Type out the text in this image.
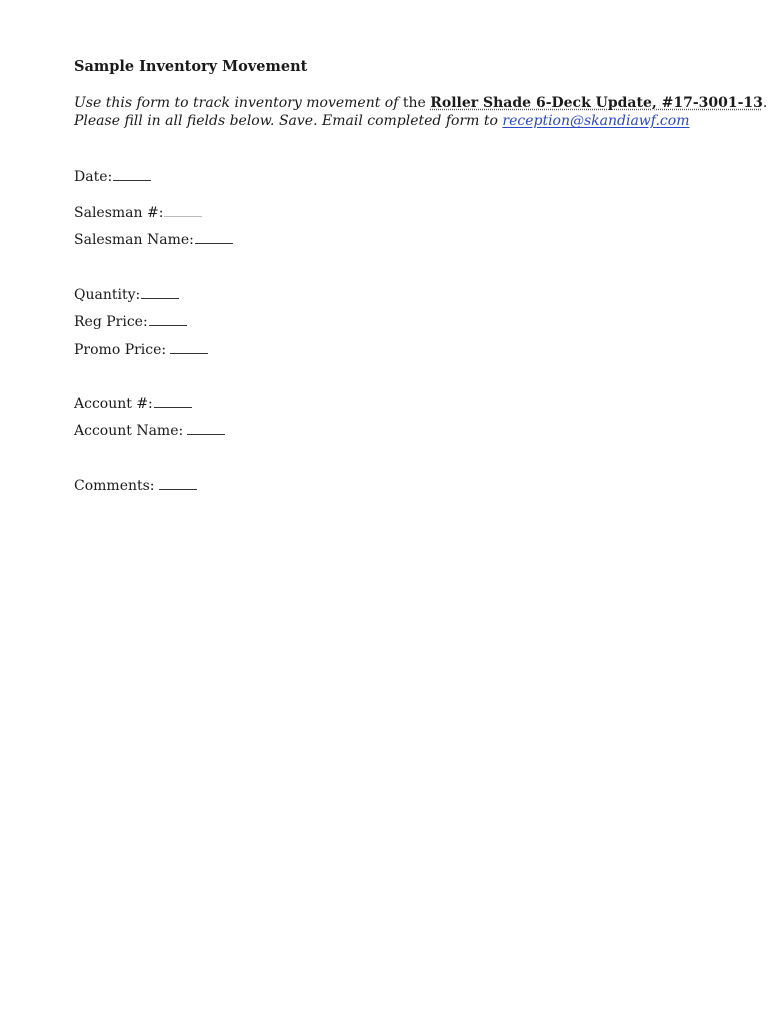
Sample Inventory Movement
Use this form to track inventory movement of the Roller Shade 6-Deck Update, #17-3001-13.
Please fill in all fields below. Save. Email completed form to reception@skandiawf.com
Date:
Salesman #:
Salesman Name:
Quantity:
Reg Price:
Promo Price:
Account #:
Account Name:
Comments:
